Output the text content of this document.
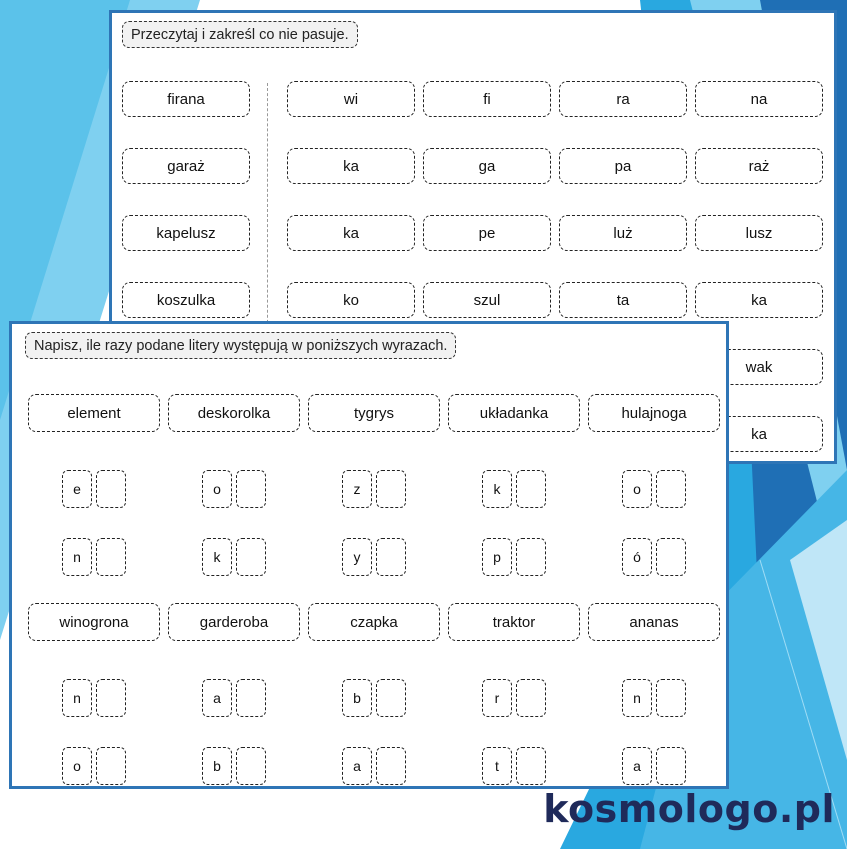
Przeczytaj i zakreśl co nie pasuje.
firana	wi	fi	ra	na
garaż	ka	ga	pa	raż
kapelusz	ka	pe	luż	lusz
koszulka	ko	szul	ta	ka
wak
ka
Napisz, ile razy podane litery występują w poniższych wyrazach.
element	deskorolka	tygrys	układanka	hulajnoga
e	o	z	k	o
n	k	y	p	ó
winogrona	garderoba	czapka	traktor	ananas
n	a	b	r	n
o	b	a	t	a
kosmologo.pl
